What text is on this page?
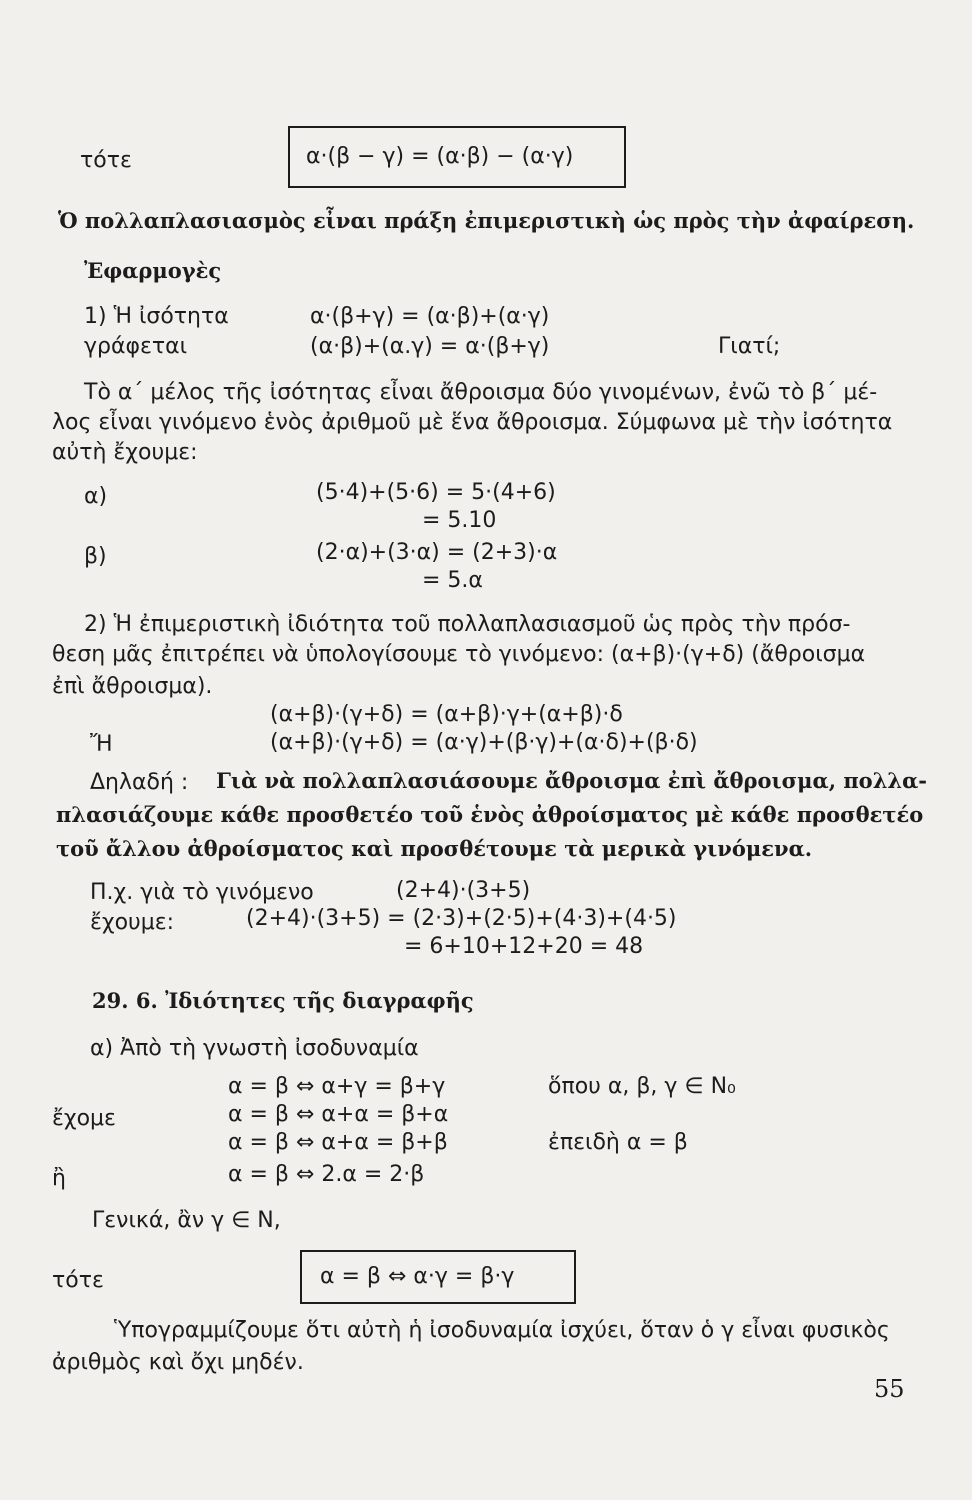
τότε	α·(β − γ) = (α·β) − (α·γ)
Ὁ πολλαπλασιασμὸς εἶναι πράξη ἐπιμεριστικὴ ὡς πρὸς τὴν ἀφαίρεση.
Ἐφαρμογὲς
1) Ἡ ἰσότητα	α·(β+γ) = (α·β)+(α·γ)
γράφεται	(α·β)+(α.γ) = α·(β+γ)	Γιατί;
Τὸ α΄ μέλος τῆς ἰσότητας εἶναι ἄθροισμα δύο γινομένων, ἐνῶ τὸ β΄ μέ-
λος εἶναι γινόμενο ἑνὸς ἀριθμοῦ μὲ ἕνα ἄθροισμα. Σύμφωνα μὲ τὴν ἰσότητα
αὐτὴ ἔχουμε:
α)	(5·4)+(5·6) = 5·(4+6)
= 5.10
β)	(2·α)+(3·α) = (2+3)·α
= 5.α
2) Ἡ ἐπιμεριστικὴ ἰδιότητα τοῦ πολλαπλασιασμοῦ ὡς πρὸς τὴν πρόσ-
θεση μᾶς ἐπιτρέπει νὰ ὑπολογίσουμε τὸ γινόμενο: (α+β)·(γ+δ) (ἄθροισμα
ἐπὶ ἄθροισμα).
(α+β)·(γ+δ) = (α+β)·γ+(α+β)·δ
Ἤ	(α+β)·(γ+δ) = (α·γ)+(β·γ)+(α·δ)+(β·δ)
Δηλαδή : Γιὰ νὰ πολλαπλασιάσουμε ἄθροισμα ἐπὶ ἄθροισμα, πολλα-
πλασιάζουμε κάθε προσθετέο τοῦ ἑνὸς ἀθροίσματος μὲ κάθε προσθετέο
τοῦ ἄλλου ἀθροίσματος καὶ προσθέτουμε τὰ μερικὰ γινόμενα.
Π.χ. γιὰ τὸ γινόμενο	(2+4)·(3+5)
ἔχουμε:	(2+4)·(3+5) = (2·3)+(2·5)+(4·3)+(4·5)
= 6+10+12+20 = 48
29. 6. Ἰδιότητες τῆς διαγραφῆς
α) Ἀπὸ τὴ γνωστὴ ἰσοδυναμία
α = β ⇔ α+γ = β+γ	ὅπου α, β, γ ∈ N₀
ἔχομε	α = β ⇔ α+α = β+α
α = β ⇔ α+α = β+β	ἐπειδὴ α = β
ἢ	α = β ⇔ 2.α = 2·β
Γενικά, ἂν γ ∈ N,
τότε	α = β ⇔ α·γ = β·γ
Ὑπογραμμίζουμε ὅτι αὐτὴ ἡ ἰσοδυναμία ἰσχύει, ὅταν ὁ γ εἶναι φυσικὸς
ἀριθμὸς καὶ ὄχι μηδέν.
55
